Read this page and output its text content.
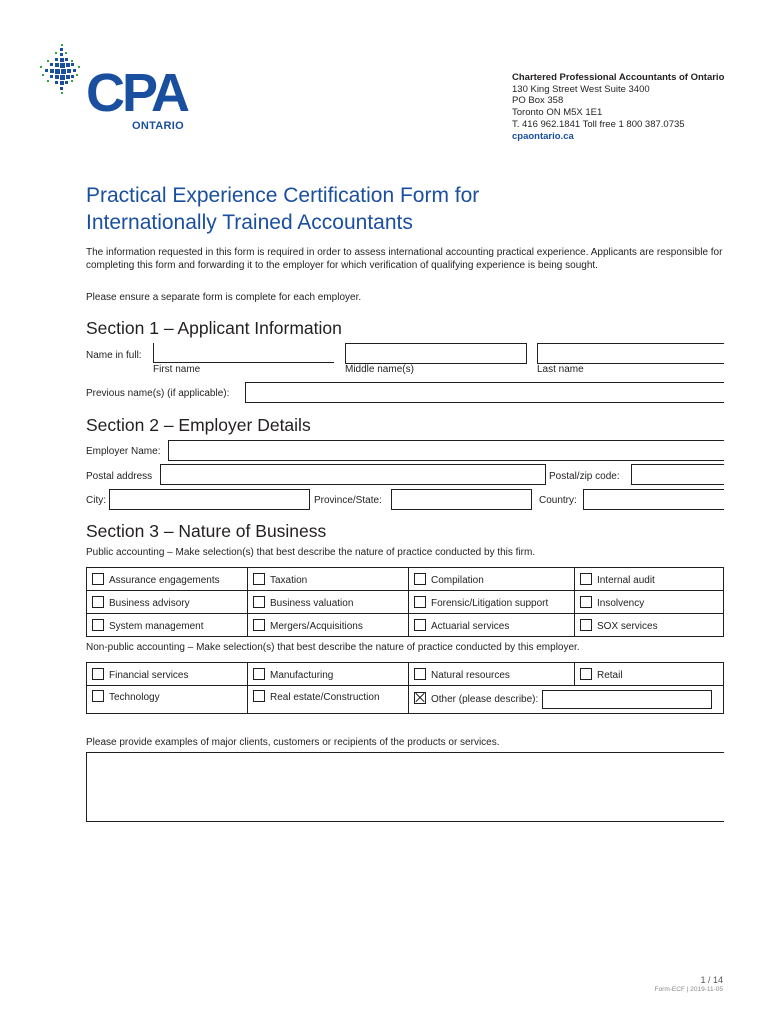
CPA
ONTARIO
Chartered Professional Accountants of Ontario
130 King Street West Suite 3400
PO Box 358
Toronto ON M5X 1E1
T. 416 962.1841 Toll free 1 800 387.0735
cpaontario.ca
Practical Experience Certification Form for
Internationally Trained Accountants
The information requested in this form is required in order to assess international accounting practical experience. Applicants are responsible for completing this form and forwarding it to the employer for which verification of qualifying experience is being sought.
Please ensure a separate form is complete for each employer.
Section 1 – Applicant Information
Name in full:
First name	Middle name(s)	Last name
Previous name(s) (if applicable):
Section 2 – Employer Details
Employer Name:
Postal address	Postal/zip code:
City:	Province/State:	Country:
Section 3 – Nature of Business
Public accounting – Make selection(s) that best describe the nature of practice conducted by this firm.
Assurance engagements	Taxation	Compilation	Internal audit
Business advisory	Business valuation	Forensic/Litigation support	Insolvency
System management	Mergers/Acquisitions	Actuarial services	SOX services
Non-public accounting – Make selection(s) that best describe the nature of practice conducted by this employer.
Financial services	Manufacturing	Natural resources	Retail
Technology	Real estate/Construction	Other (please describe):	
Please provide examples of major clients, customers or recipients of the products or services.
1 / 14
Form-ECF | 2019-11-05
